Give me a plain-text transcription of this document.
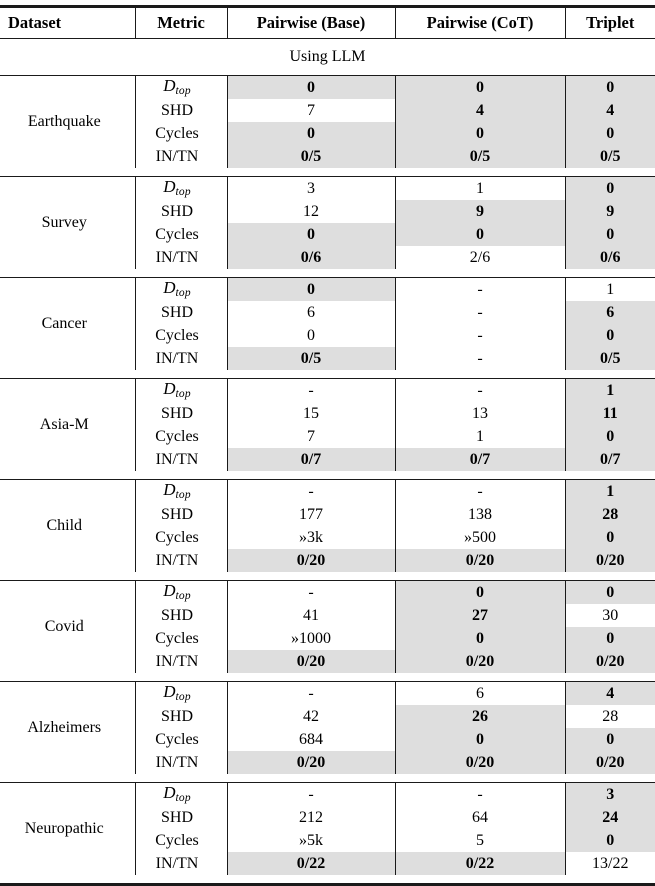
Dataset	Metric	Pairwise (Base)	Pairwise (CoT)	Triplet
Using LLM				
Earthquake	Dtop	0	0	0
	SHD	7	4	4
	Cycles	0	0	0
	IN/TN	0/5	0/5	0/5

Survey	Dtop	3	1	0
	SHD	12	9	9
	Cycles	0	0	0
	IN/TN	0/6	2/6	0/6

Cancer	Dtop	0	-	1
	SHD	6	-	6
	Cycles	0	-	0
	IN/TN	0/5	-	0/5

Asia-M	Dtop	-	-	1
	SHD	15	13	11
	Cycles	7	1	0
	IN/TN	0/7	0/7	0/7

Child	Dtop	-	-	1
	SHD	177	138	28
	Cycles	»3k	»500	0
	IN/TN	0/20	0/20	0/20

Covid	Dtop	-	0	0
	SHD	41	27	30
	Cycles	»1000	0	0
	IN/TN	0/20	0/20	0/20

Alzheimers	Dtop	-	6	4
	SHD	42	26	28
	Cycles	684	0	0
	IN/TN	0/20	0/20	0/20

Neuropathic	Dtop	-	-	3
	SHD	212	64	24
	Cycles	»5k	5	0
	IN/TN	0/22	0/22	13/22
